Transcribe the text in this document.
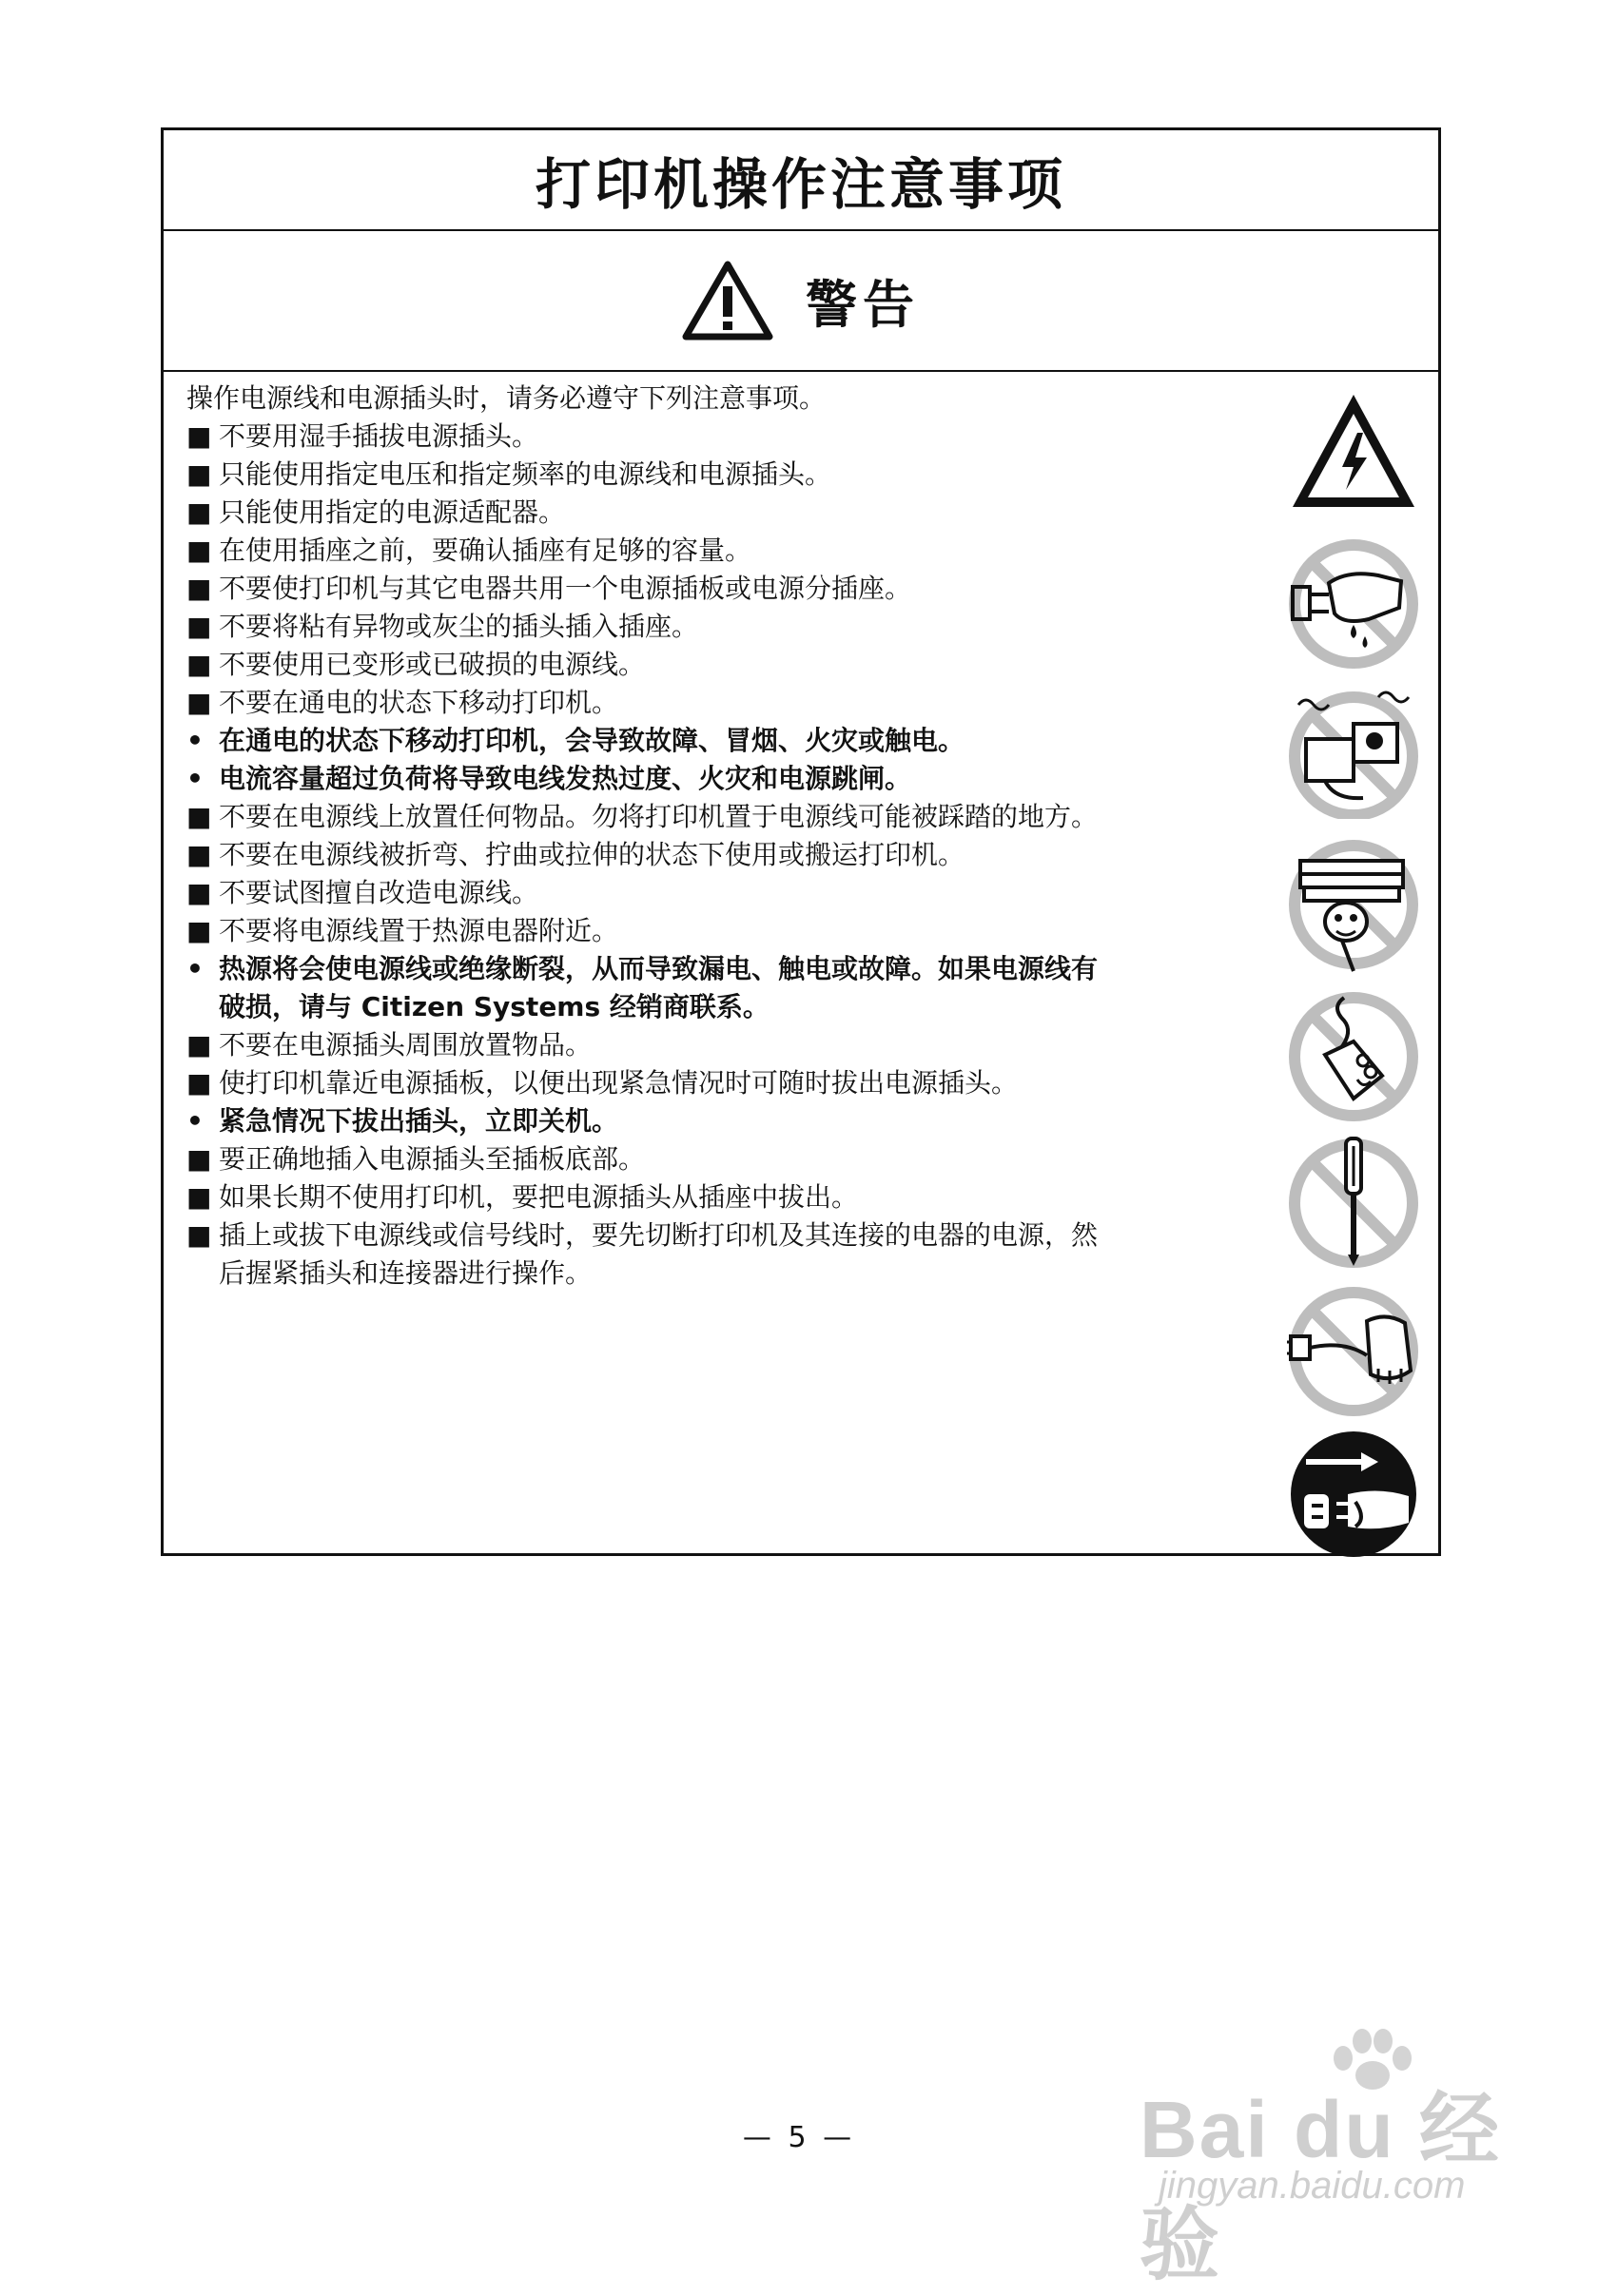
打印机操作注意事项
警告
操作电源线和电源插头时，请务必遵守下列注意事项。
■ 不要用湿手插拔电源插头。
■ 只能使用指定电压和指定频率的电源线和电源插头。
■ 只能使用指定的电源适配器。
■ 在使用插座之前，要确认插座有足够的容量。
■ 不要使打印机与其它电器共用一个电源插板或电源分插座。
■ 不要将粘有异物或灰尘的插头插入插座。
■ 不要使用已变形或已破损的电源线。
■ 不要在通电的状态下移动打印机。
• 在通电的状态下移动打印机，会导致故障、冒烟、火灾或触电。
• 电流容量超过负荷将导致电线发热过度、火灾和电源跳闸。
■ 不要在电源线上放置任何物品。勿将打印机置于电源线可能被踩踏的地方。
■ 不要在电源线被折弯、拧曲或拉伸的状态下使用或搬运打印机。
■ 不要试图擅自改造电源线。
■ 不要将电源线置于热源电器附近。
• 热源将会使电源线或绝缘断裂，从而导致漏电、触电或故障。如果电源线有
破损，请与 Citizen Systems 经销商联系。
■ 不要在电源插头周围放置物品。
■ 使打印机靠近电源插板，以便出现紧急情况时可随时拔出电源插头。
• 紧急情况下拔出插头，立即关机。
■ 要正确地插入电源插头至插板底部。
■ 如果长期不使用打印机，要把电源插头从插座中拔出。
■ 插上或拔下电源线或信号线时，要先切断打印机及其连接的电器的电源，然
后握紧插头和连接器进行操作。
— 5 —	Bai du 经验
jingyan.baidu.com
